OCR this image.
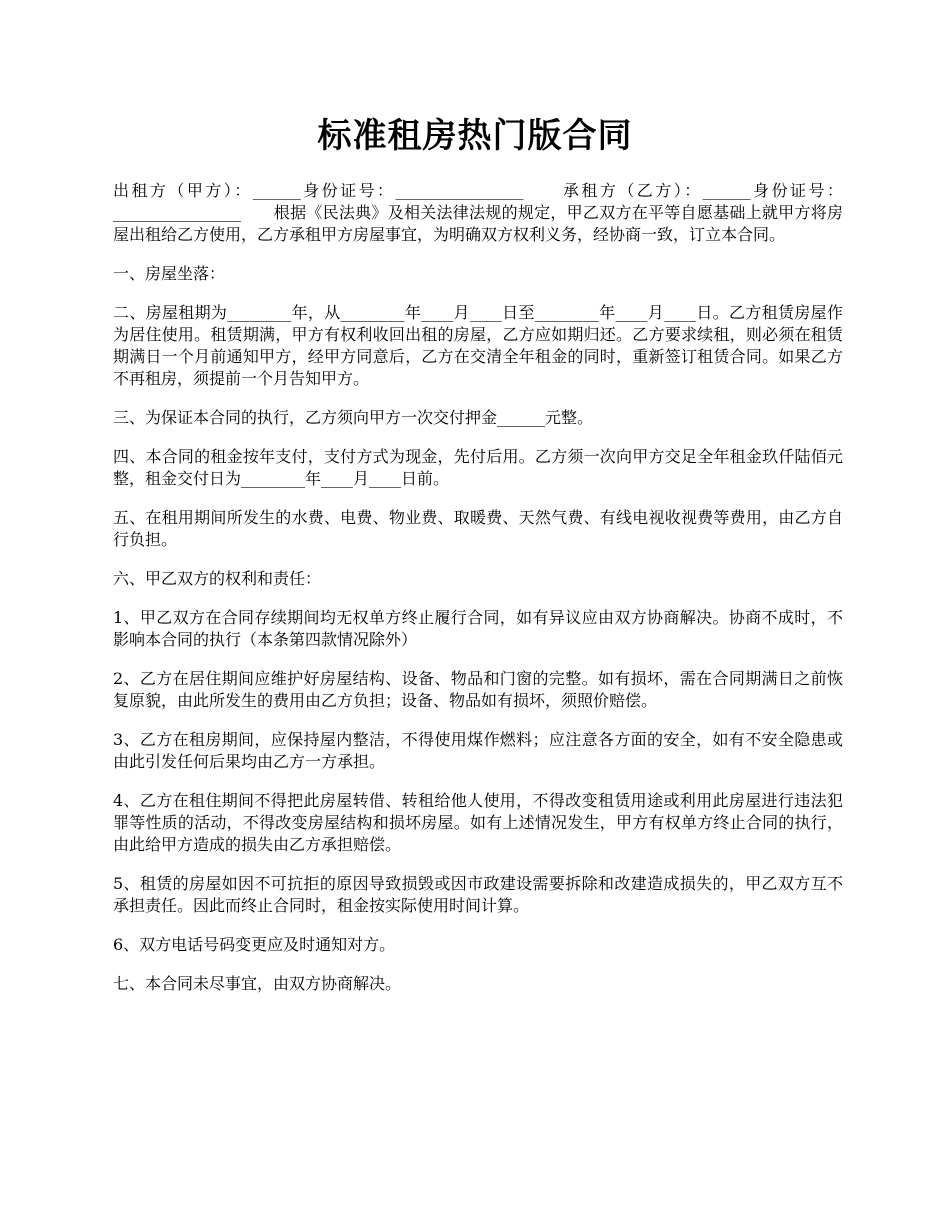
标准租房热门版合同

出租方（甲方）：______身份证号：________________　　承租方（乙方）：______身份证号：________________　　根据《民法典》及相关法律法规的规定，甲乙双方在平等自愿基础上就甲方将房屋出租给乙方使用，乙方承租甲方房屋事宜，为明确双方权利义务，经协商一致，订立本合同。

一、房屋坐落：

二、房屋租期为________年，从________年____月____日至________年____月____日。乙方租赁房屋作为居住使用。租赁期满，甲方有权利收回出租的房屋，乙方应如期归还。乙方要求续租，则必须在租赁期满日一个月前通知甲方，经甲方同意后，乙方在交清全年租金的同时，重新签订租赁合同。如果乙方不再租房，须提前一个月告知甲方。

三、为保证本合同的执行，乙方须向甲方一次交付押金______元整。

四、本合同的租金按年支付，支付方式为现金，先付后用。乙方须一次向甲方交足全年租金玖仟陆佰元整，租金交付日为________年____月____日前。

五、在租用期间所发生的水费、电费、物业费、取暖费、天然气费、有线电视收视费等费用，由乙方自行负担。

六、甲乙双方的权利和责任：

1、甲乙双方在合同存续期间均无权单方终止履行合同，如有异议应由双方协商解决。协商不成时，不影响本合同的执行（本条第四款情况除外）

2、乙方在居住期间应维护好房屋结构、设备、物品和门窗的完整。如有损坏，需在合同期满日之前恢复原貌，由此所发生的费用由乙方负担；设备、物品如有损坏，须照价赔偿。

3、乙方在租房期间，应保持屋内整洁，不得使用煤作燃料；应注意各方面的安全，如有不安全隐患或由此引发任何后果均由乙方一方承担。

4、乙方在租住期间不得把此房屋转借、转租给他人使用，不得改变租赁用途或利用此房屋进行违法犯罪等性质的活动，不得改变房屋结构和损坏房屋。如有上述情况发生，甲方有权单方终止合同的执行，由此给甲方造成的损失由乙方承担赔偿。

5、租赁的房屋如因不可抗拒的原因导致损毁或因市政建设需要拆除和改建造成损失的，甲乙双方互不承担责任。因此而终止合同时，租金按实际使用时间计算。

6、双方电话号码变更应及时通知对方。

七、本合同未尽事宜，由双方协商解决。
